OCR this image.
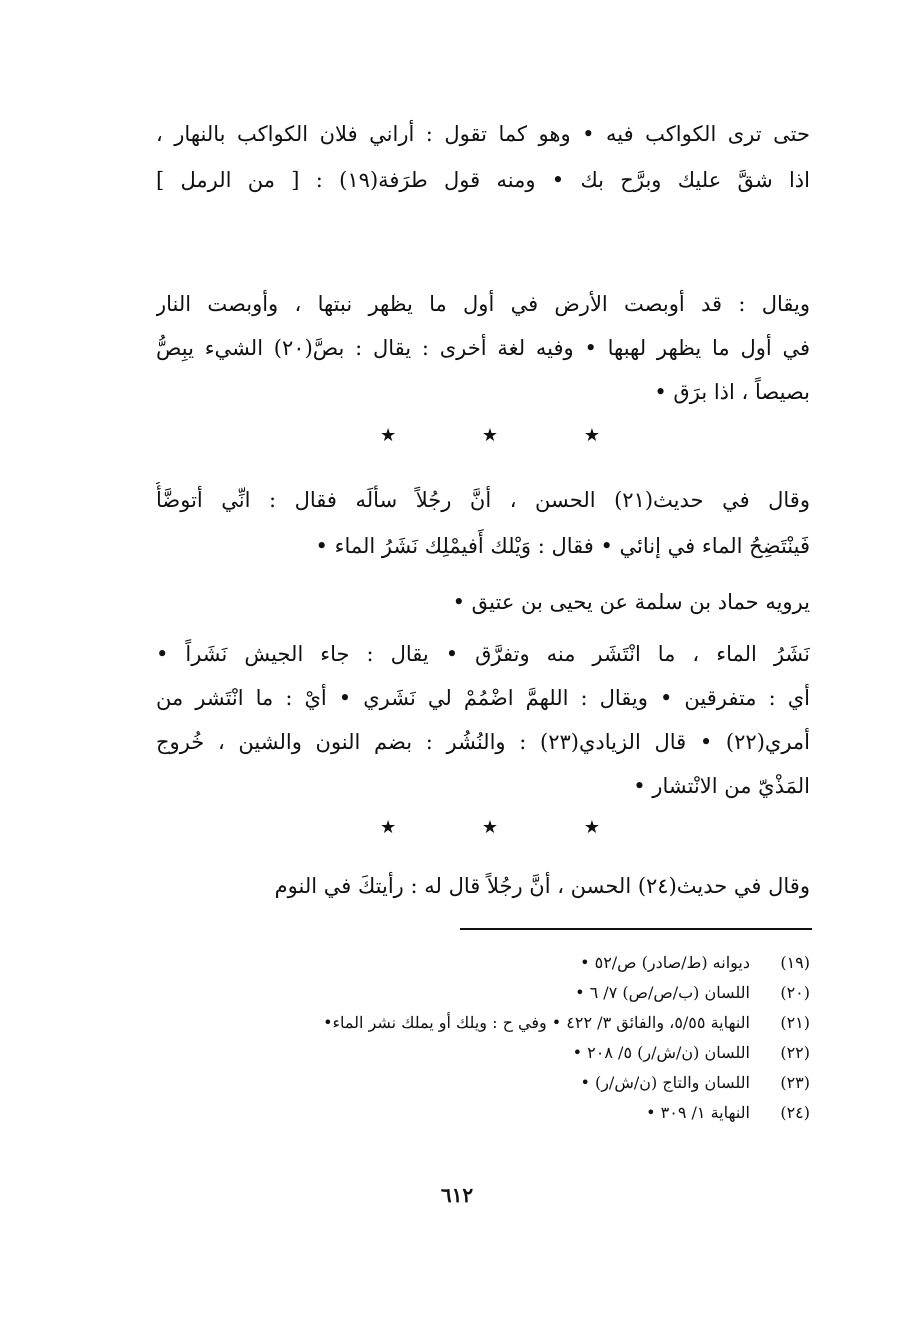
حتى ترى الكواكب فيه • وهو كما تقول : أراني فلان الكواكب بالنهار ،
اذا شقَّ عليك وبرَّح بك • ومنه قول طرَفة(١٩) : [ من الرمل ]
ويقال : قد أوبصت الأرض في أول ما يظهر نبتها ، وأوبصت النار
في أول ما يظهر لهبها • وفيه لغة أخرى : يقال : بصَّ(٢٠) الشيء يبِصُّ
بصيصاً ، اذا برَق •
★	★	★
وقال في حديث(٢١) الحسن ، أنَّ رجُلاً سألَه فقال : انِّي أتوضَّأُ
فَينْتَضِحُ الماء في إنائي • فقال : وَيْلك أَفيمْلِك نَشَرُ الماء •
يرويه حماد بن سلمة عن يحيى بن عتيق •
نَشَرُ الماء ، ما انْتَشَر منه وتفرَّق • يقال : جاء الجيش نَشَراً •
أي : متفرقين • ويقال : اللهمَّ اضْمُمْ لي نَشَري • أيْ : ما انْتَشر من
أمري(٢٢) • قال الزيادي(٢٣) : والنُشُر : بضم النون والشين ، خُروج
المَذْيّ من الانْتشار •
★	★	★
وقال في حديث(٢٤) الحسن ، أنَّ رجُلاً قال له : رأيتكَ في النوم
(١٩)
ديوانه (ط/صادر) ص/٥٢ •
(٢٠)
اللسان (ب/ص/ص) ٧/ ٦ •
(٢١)
النهاية ٥/٥٥، والفائق ٣/ ٤٢٢ • وفي ح : ويلك أو يملك نشر الماء•
(٢٢)
اللسان (ن/ش/ر) ٥/ ٢٠٨ •
(٢٣)
اللسان والتاج (ن/ش/ر) •
(٢٤)
النهاية ١/ ٣٠٩ •
٦١٢
